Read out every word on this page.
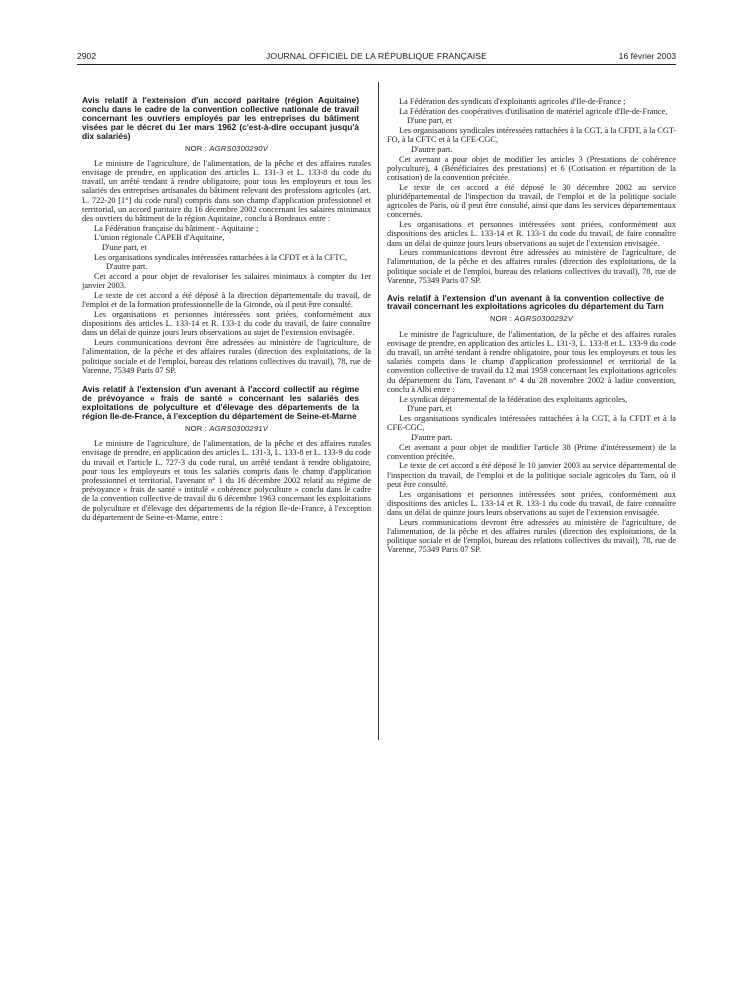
2902	JOURNAL OFFICIEL DE LA RÉPUBLIQUE FRANÇAISE	16 février 2003
Avis relatif à l'extension d'un accord paritaire (région Aquitaine) conclu dans le cadre de la convention collective nationale de travail concernant les ouvriers employés par les entreprises du bâtiment visées par le décret du 1er mars 1962 (c'est-à-dire occupant jusqu'à dix salariés)
NOR : AGRS0300290V

Le ministre de l'agriculture, de l'alimentation, de la pêche et des affaires rurales envisage de prendre, en application des articles L. 131-3 et L. 133-8 du code du travail, un arrêté tendant à rendre obligatoire, pour tous les employeurs et tous les salariés des entreprises artisanales du bâtiment relevant des professions agricoles (art. L. 722-20 [1°] du code rural) compris dans son champ d'application professionnel et territorial, un accord paritaire du 16 décembre 2002 concernant les salaires minimaux des ouvriers du bâtiment de la région Aquitaine, conclu à Bordeaux entre :

La Fédération française du bâtiment - Aquitaine ;

L'union régionale CAPEB d'Aquitaine,

D'une part, et

Les organisations syndicales intéressées rattachées à la CFDT et à la CFTC,

D'autre part.

Cet accord a pour objet de revaloriser les salaires minimaux à compter du 1er janvier 2003.

Le texte de cet accord a été déposé à la direction départementale du travail, de l'emploi et de la formation professionnelle de la Gironde, où il peut être consulté.

Les organisations et personnes intéressées sont priées, conformément aux dispositions des articles L. 133-14 et R. 133-1 du code du travail, de faire connaître dans un délai de quinze jours leurs observations au sujet de l'extension envisagée.

Leurs communications devront être adressées au ministère de l'agriculture, de l'alimentation, de la pêche et des affaires rurales (direction des exploitations, de la politique sociale et de l'emploi, bureau des relations collectives du travail), 78, rue de Varenne, 75349 Paris 07 SP.

Avis relatif à l'extension d'un avenant à l'accord collectif au régime de prévoyance « frais de santé » concernant les salariés des exploitations de polyculture et d'élevage des départements de la région Ile-de-France, à l'exception du département de Seine-et-Marne
NOR : AGRS0300291V

Le ministre de l'agriculture, de l'alimentation, de la pêche et des affaires rurales envisage de prendre, en application des articles L. 131-3, L. 133-8 et L. 133-9 du code du travail et l'article L. 727-3 du code rural, un arrêté tendant à rendre obligatoire, pour tous les employeurs et tous les salariés compris dans le champ d'application professionnel et territorial, l'avenant n° 1 du 16 décembre 2002 relatif au régime de prévoyance « frais de santé » intitulé « cohérence polyculture » conclu dans le cadre de la convention collective de travail du 6 décembre 1963 concernant les exploitations de polyculture et d'élevage des départements de la région Ile-de-France, à l'exception du département de Seine-et-Marne, entre :

La Fédération des syndicats d'exploitants agricoles d'Ile-de-France ;

La Fédération des coopératives d'utilisation de matériel agricole d'Ile-de-France,

D'une part, et

Les organisations syndicales intéressées rattachées à la CGT, à la CFDT, à la CGT-FO, à la CFTC et à la CFE-CGC,

D'autre part.

Cet avenant a pour objet de modifier les articles 3 (Prestations de cohérence polyculture), 4 (Bénéficiaires des prestations) et 6 (Cotisation et répartition de la cotisation) de la convention précitée.

Le texte de cet accord a été déposé le 30 décembre 2002 au service pluridépartemental de l'inspection du travail, de l'emploi et de la politique sociale agricoles de Paris, où il peut être consulté, ainsi que dans les services départementaux concernés.

Les organisations et personnes intéressées sont priées, conformément aux dispositions des articles L. 133-14 et R. 133-1 du code du travail, de faire connaître dans un délai de quinze jours leurs observations au sujet de l'extension envisagée.

Leurs communications devront être adressées au ministère de l'agriculture, de l'alimentation, de la pêche et des affaires rurales (direction des exploitations, de la politique sociale et de l'emploi, bureau des relations collectives du travail), 78, rue de Varenne, 75349 Paris 07 SP.

Avis relatif à l'extension d'un avenant à la convention collective de travail concernant les exploitations agricoles du département du Tarn
NOR : AGRS0300292V

Le ministre de l'agriculture, de l'alimentation, de la pêche et des affaires rurales envisage de prendre, en application des articles L. 131-3, L. 133-8 et L. 133-9 du code du travail, un arrêté tendant à rendre obligatoire, pour tous les employeurs et tous les salariés compris dans le champ d'application professionnel et territorial de la convention collective de travail du 12 mai 1959 concernant les exploitations agricoles du département du Tarn, l'avenant n° 4 du 28 novembre 2002 à ladite convention, conclu à Albi entre :

Le syndicat départemental de la fédération des exploitants agricoles,

D'une part, et

Les organisations syndicales intéressées rattachées à la CGT, à la CFDT et à la CFE-CGC,

D'autre part.

Cet avenant a pour objet de modifier l'article 38 (Prime d'intéressement) de la convention précitée.

Le texte de cet accord a été déposé le 10 janvier 2003 au service départemental de l'inspection du travail, de l'emploi et de la politique sociale agricoles du Tarn, où il peut être consulté.

Les organisations et personnes intéressées sont priées, conformément aux dispositions des articles L. 133-14 et R. 133-1 du code du travail, de faire connaître dans un délai de quinze jours leurs observations au sujet de l'extension envisagée.

Leurs communications devront être adressées au ministère de l'agriculture, de l'alimentation, de la pêche et des affaires rurales (direction des exploitations, de la politique sociale et de l'emploi, bureau des relations collectives du travail), 78, rue de Varenne, 75349 Paris 07 SP.
